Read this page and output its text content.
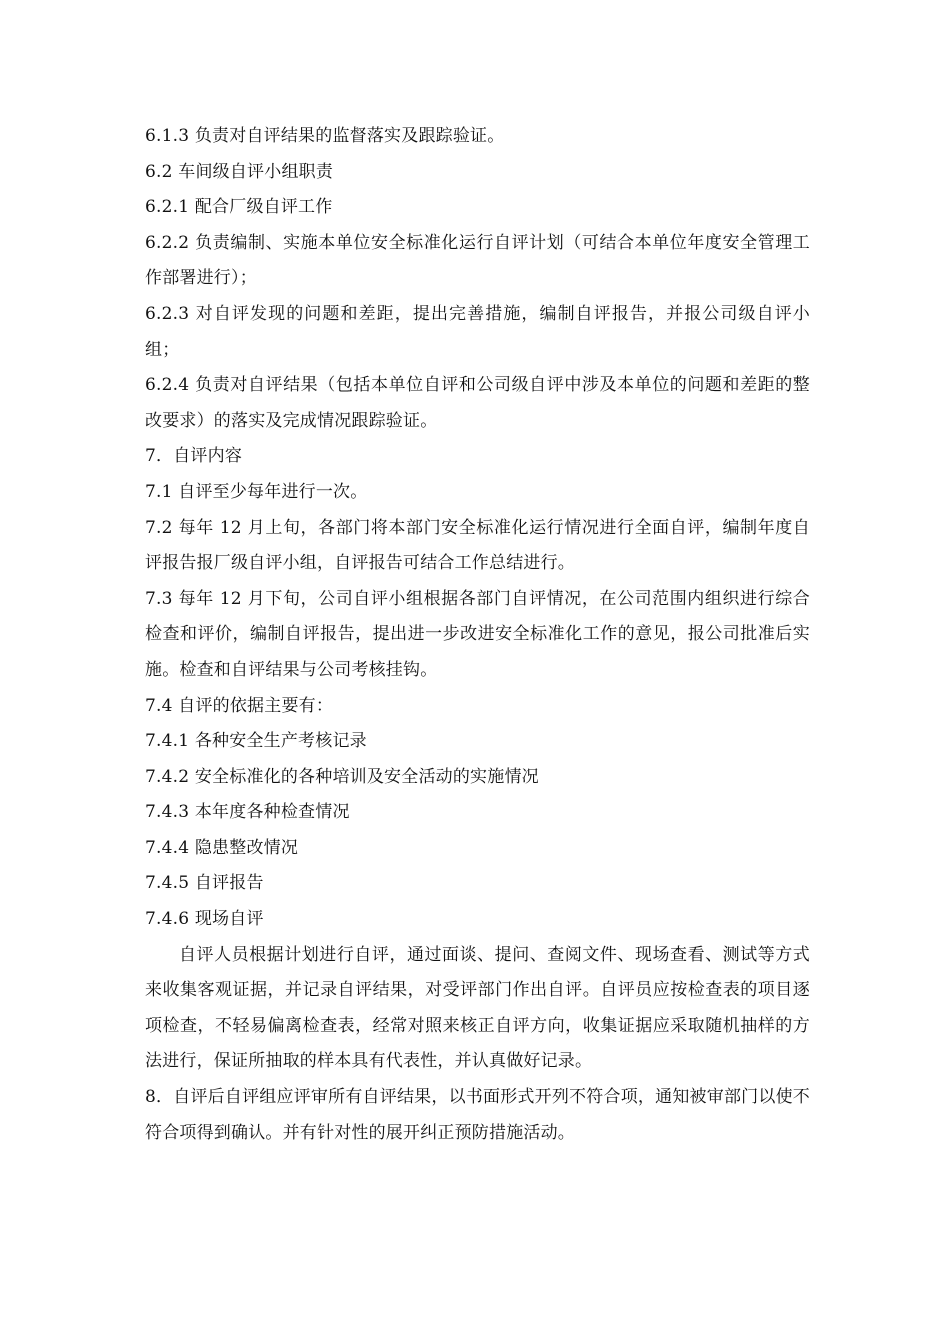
6.1.3 负责对自评结果的监督落实及跟踪验证。

6.2 车间级自评小组职责

6.2.1 配合厂级自评工作

6.2.2 负责编制、实施本单位安全标准化运行自评计划（可结合本单位年度安全管理工作部署进行）；

6.2.3 对自评发现的问题和差距，提出完善措施，编制自评报告，并报公司级自评小组；

6.2.4 负责对自评结果（包括本单位自评和公司级自评中涉及本单位的问题和差距的整改要求）的落实及完成情况跟踪验证。

7．自评内容

7.1 自评至少每年进行一次。

7.2 每年 12 月上旬，各部门将本部门安全标准化运行情况进行全面自评，编制年度自评报告报厂级自评小组，自评报告可结合工作总结进行。

7.3 每年 12 月下旬，公司自评小组根据各部门自评情况，在公司范围内组织进行综合检查和评价，编制自评报告，提出进一步改进安全标准化工作的意见，报公司批准后实施。检查和自评结果与公司考核挂钩。

7.4 自评的依据主要有：

7.4.1 各种安全生产考核记录

7.4.2 安全标准化的各种培训及安全活动的实施情况

7.4.3 本年度各种检查情况

7.4.4 隐患整改情况

7.4.5 自评报告

7.4.6 现场自评

自评人员根据计划进行自评，通过面谈、提问、查阅文件、现场查看、测试等方式来收集客观证据，并记录自评结果，对受评部门作出自评。自评员应按检查表的项目逐项检查，不轻易偏离检查表，经常对照来核正自评方向，收集证据应采取随机抽样的方法进行，保证所抽取的样本具有代表性，并认真做好记录。

8．自评后自评组应评审所有自评结果，以书面形式开列不符合项，通知被审部门以使不符合项得到确认。并有针对性的展开纠正预防措施活动。
